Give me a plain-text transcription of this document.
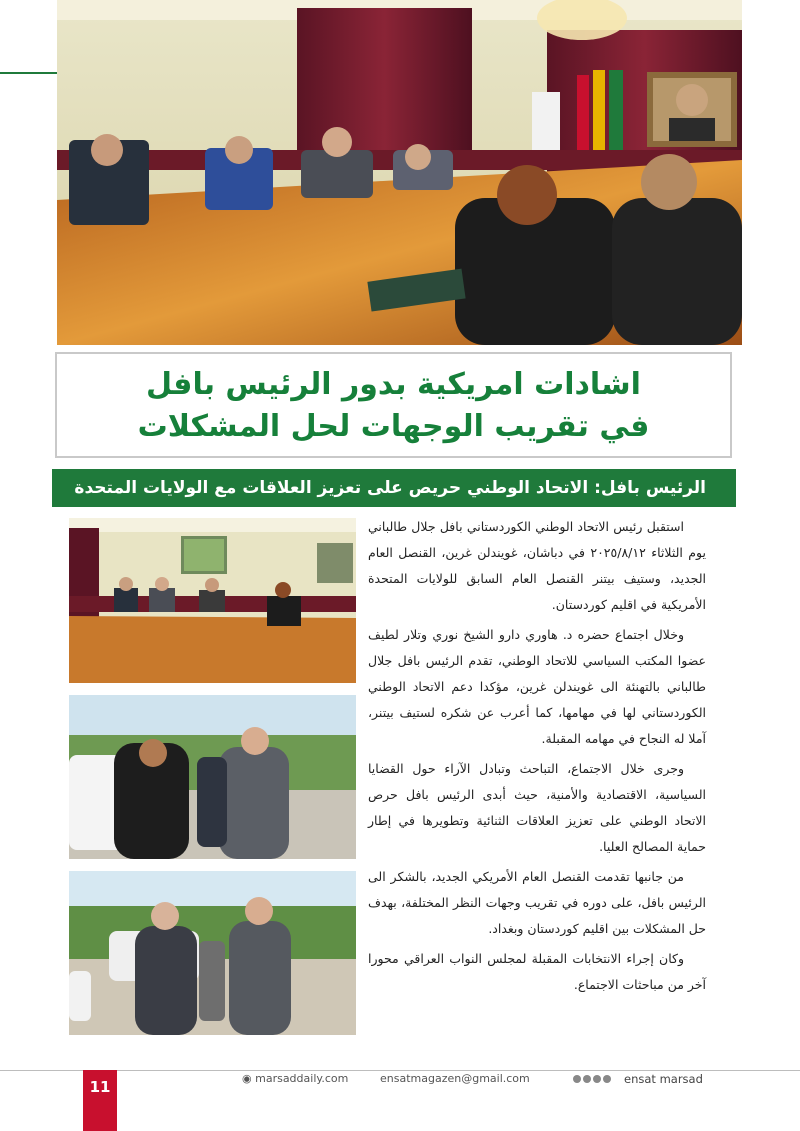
اشادات امريكية بدور الرئيس بافل
في تقريب الوجهات لحل المشكلات
الرئيس بافل: الاتحاد الوطني حريص على تعزيز العلاقات مع الولايات المتحدة

استقبل رئيس الاتحاد الوطني الكوردستاني بافل جلال طالباني يوم الثلاثاء ٢٠٢٥/٨/١٢ في دباشان، غويندلن غرين، القنصل العام الجديد، وستيف بيتنر القنصل العام السابق للولايات المتحدة الأمريكية في اقليم كوردستان.

وخلال اجتماع حضره د. هاوري دارو الشيخ نوري وتلار لطيف عضوا المكتب السياسي للاتحاد الوطني، تقدم الرئيس بافل جلال طالباني بالتهنئة الى غويندلن غرين، مؤكدا دعم الاتحاد الوطني الكوردستاني لها في مهامها، كما أعرب عن شكره لستيف بيتنر، آملا له النجاح في مهامه المقبلة.

وجرى خلال الاجتماع، التباحث وتبادل الآراء حول القضايا السياسية، الاقتصادية والأمنية، حيث أبدى الرئيس بافل حرص الاتحاد الوطني على تعزيز العلاقات الثنائية وتطويرها في إطار حماية المصالح العليا.

من جانبها تقدمت القنصل العام الأمريكي الجديد، بالشكر الى الرئيس بافل، على دوره في تقريب وجهات النظر المختلفة، بهدف حل المشكلات بين اقليم كوردستان وبغداد.

وكان إجراء الانتخابات المقبلة لمجلس النواب العراقي محورا آخر من مباحثات الاجتماع.

11	◉ marsaddaily.com	ensatmagazen@gmail.com	ensat marsad
